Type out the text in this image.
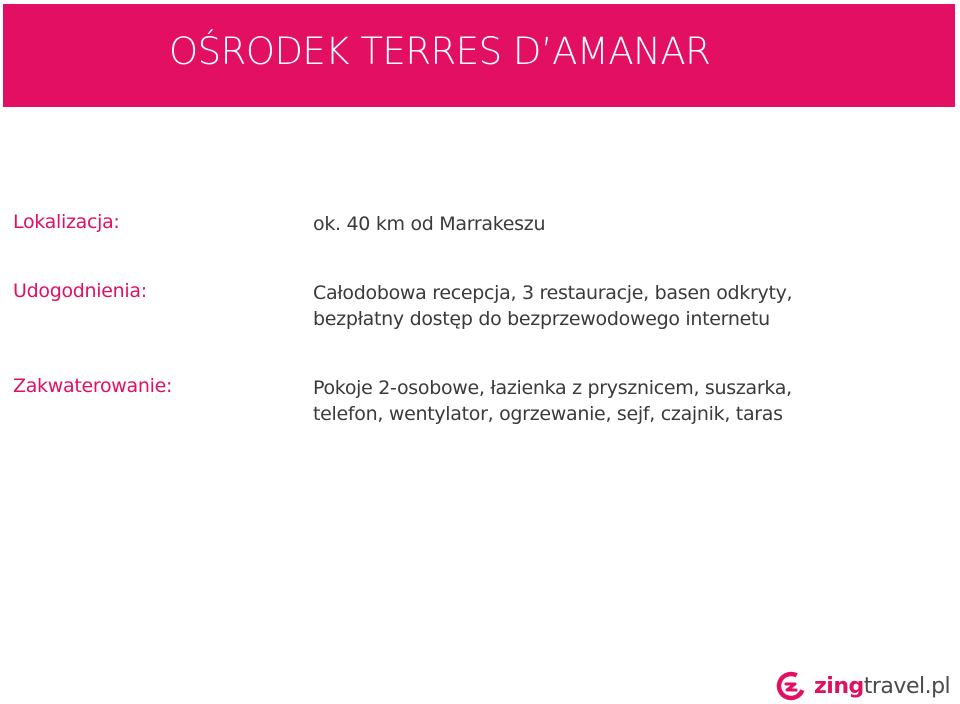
OŚRODEK TERRES D’AMANAR
Lokalizacja:	ok. 40 km od Marrakeszu
Udogodnienia:	Całodobowa recepcja, 3 restauracje, basen odkryty,
bezpłatny dostęp do bezprzewodowego internetu
Zakwaterowanie:	Pokoje 2-osobowe, łazienka z prysznicem, suszarka,
telefon, wentylator, ogrzewanie, sejf, czajnik, taras
zing travel.pl
